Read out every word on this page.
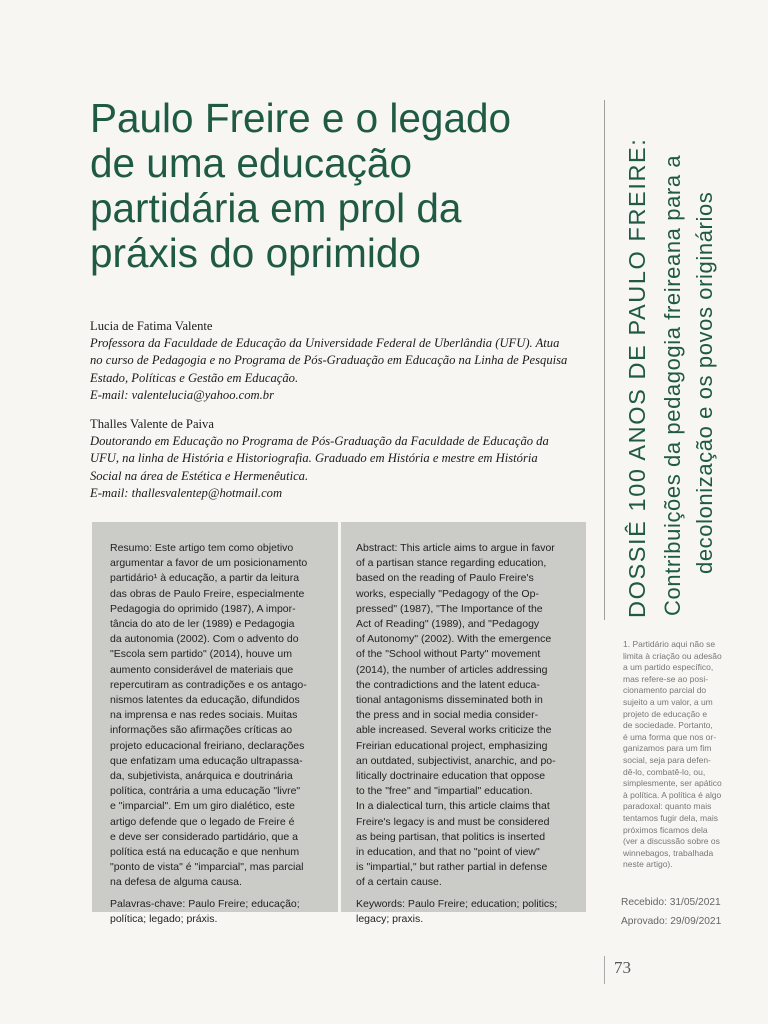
Paulo Freire e o legado
de uma educação
partidária em prol da
práxis do oprimido
Lucia de Fatima Valente
Professora da Faculdade de Educação da Universidade Federal de Uberlândia (UFU). Atua
no curso de Pedagogia e no Programa de Pós-Graduação em Educação na Linha de Pesquisa
Estado, Políticas e Gestão em Educação.
E-mail: valentelucia@yahoo.com.br
Thalles Valente de Paiva
Doutorando em Educação no Programa de Pós-Graduação da Faculdade de Educação da
UFU, na linha de História e Historiografia. Graduado em História e mestre em História
Social na área de Estética e Hermenêutica.
E-mail: thallesvalentep@hotmail.com
Resumo: Este artigo tem como objetivo
argumentar a favor de um posicionamento
partidário¹ à educação, a partir da leitura
das obras de Paulo Freire, especialmente
Pedagogia do oprimido (1987), A impor-
tância do ato de ler (1989) e Pedagogia
da autonomia (2002). Com o advento do
"Escola sem partido" (2014), houve um
aumento considerável de materiais que
repercutiram as contradições e os antago-
nismos latentes da educação, difundidos
na imprensa e nas redes sociais. Muitas
informações são afirmações críticas ao
projeto educacional freiriano, declarações
que enfatizam uma educação ultrapassa-
da, subjetivista, anárquica e doutrinária
política, contrária a uma educação "livre"
e "imparcial". Em um giro dialético, este
artigo defende que o legado de Freire é
e deve ser considerado partidário, que a
política está na educação e que nenhum
"ponto de vista" é "imparcial", mas parcial
na defesa de alguma causa.
Palavras-chave: Paulo Freire; educação;
política; legado; práxis.
Abstract: This article aims to argue in favor
of a partisan stance regarding education,
based on the reading of Paulo Freire's
works, especially "Pedagogy of the Op-
pressed" (1987), "The Importance of the
Act of Reading" (1989), and "Pedagogy
of Autonomy" (2002). With the emergence
of the "School without Party" movement
(2014), the number of articles addressing
the contradictions and the latent educa-
tional antagonisms disseminated both in
the press and in social media consider-
able increased. Several works criticize the
Freirian educational project, emphasizing
an outdated, subjectivist, anarchic, and po-
litically doctrinaire education that oppose
to the "free" and "impartial" education.
In a dialectical turn, this article claims that
Freire's legacy is and must be considered
as being partisan, that politics is inserted
in education, and that no "point of view"
is "impartial," but rather partial in defense
of a certain cause.
Keywords: Paulo Freire; education; politics;
legacy; praxis.
DOSSIÊ 100 ANOS DE PAULO FREIRE: Contribuições da pedagogia freireana para a decolonização e os povos originários
1. Partidário aqui não se
limita à criação ou adesão
a um partido específico,
mas refere-se ao posi-
cionamento parcial do
sujeito a um valor, a um
projeto de educação e
de sociedade. Portanto,
é uma forma que nos or-
ganizamos para um fim
social, seja para defen-
dê-lo, combatê-lo, ou,
simplesmente, ser apático
à política. A política é algo
paradoxal: quanto mais
tentamos fugir dela, mais
próximos ficamos dela
(ver a discussão sobre os
winnebagos, trabalhada
neste artigo).
Recebido: 31/05/2021
Aprovado: 29/09/2021
73
